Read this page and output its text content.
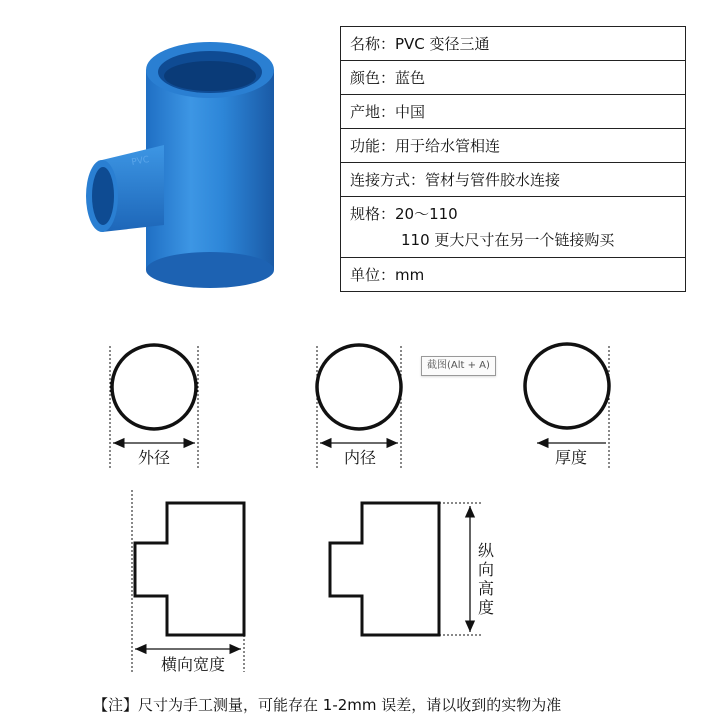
PVC
名称：PVC 变径三通
颜色：蓝色
产地：中国
功能：用于给水管相连
连接方式：管材与管件胶水连接
规格：20～110
110 更大尺寸在另一个链接购买

单位：mm
外径	内径	厚度
横向宽度
纵
向
高
度
截图(Alt + A)
【注】尺寸为手工测量，可能存在 1-2mm 误差，请以收到的实物为准
